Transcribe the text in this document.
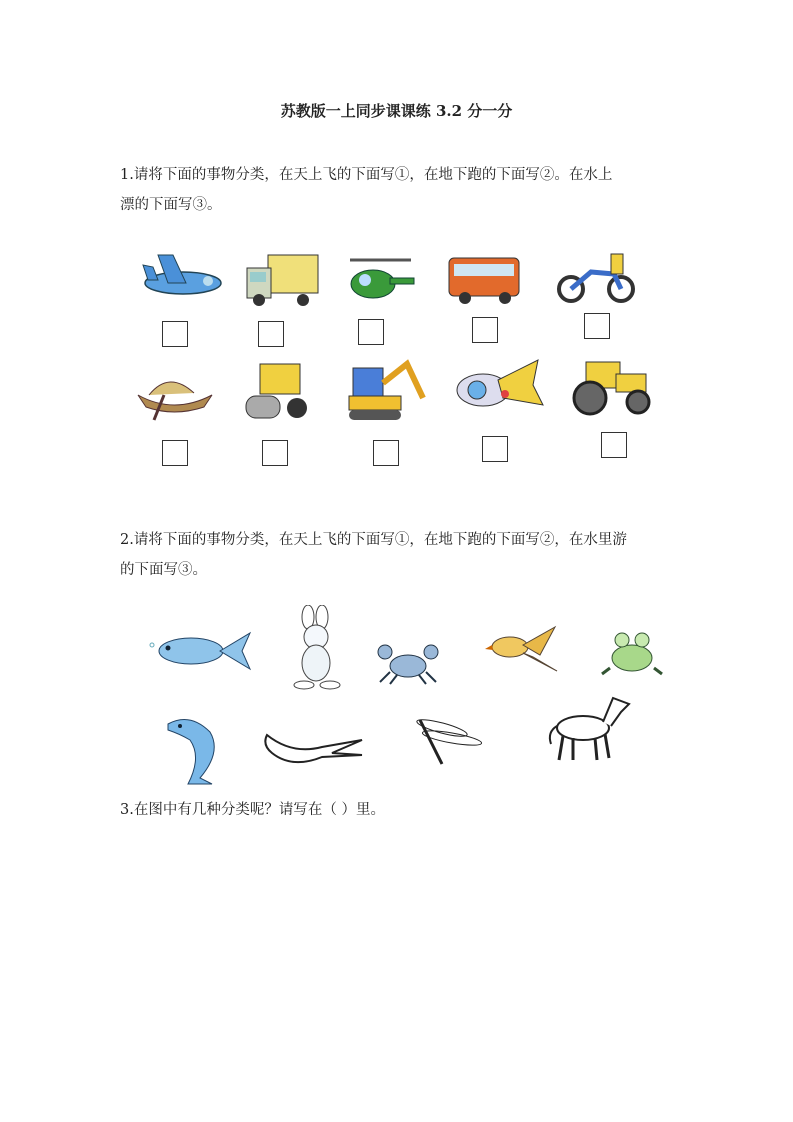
苏教版一上同步课课练 3.2 分一分
1.请将下面的事物分类，在天上飞的下面写①，在地下跑的下面写②。在水上
漂的下面写③。
2.请将下面的事物分类，在天上飞的下面写①，在地下跑的下面写②，在水里游
的下面写③。
3.在图中有几种分类呢？请写在（ ）里。
